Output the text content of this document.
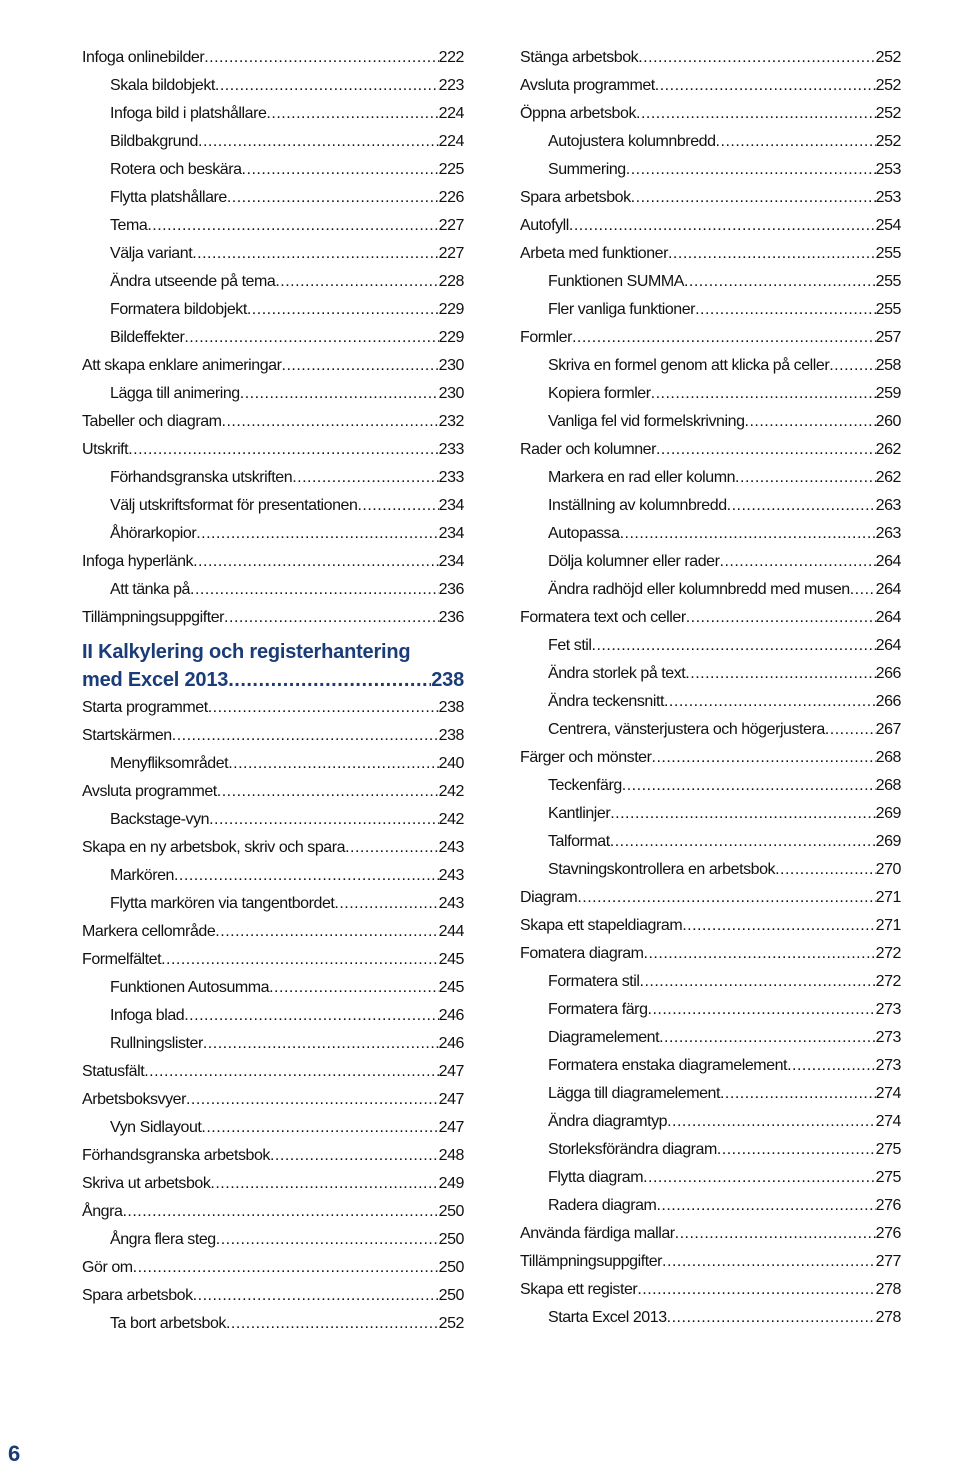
Infoga onlinebilder .....	222
Skala bildobjekt .....	223
Infoga bild i platshållare .....	224
Bildbakgrund .....	224
Rotera och beskära .....	225
Flytta platshållare .....	226
Tema .....	227
Välja variant .....	227
Ändra utseende på tema .....	228
Formatera bildobjekt .....	229
Bildeffekter .....	229
Att skapa enklare animeringar .....	230
Lägga till animering .....	230
Tabeller och diagram .....	232
Utskrift .....	233
Förhandsgranska utskriften .....	233
Välj utskriftsformat för presentationen .....	234
Åhörarkopior .....	234
Infoga hyperlänk .....	234
Att tänka på .....	236
Tillämpningsuppgifter .....	236
II Kalkylering och registerhantering
med Excel 2013 .....	238
Starta programmet .....	238
Startskärmen .....	238
Menyfliksområdet .....	240
Avsluta programmet .....	242
Backstage-vyn .....	242
Skapa en ny arbetsbok, skriv och spara .....	243
Markören .....	243
Flytta markören via tangentbordet .....	243
Markera cellområde .....	244
Formelfältet .....	245
Funktionen Autosumma .....	245
Infoga blad .....	246
Rullningslister .....	246
Statusfält .....	247
Arbetsboksvyer .....	247
Vyn Sidlayout .....	247
Förhandsgranska arbetsbok .....	248
Skriva ut arbetsbok .....	249
Ångra .....	250
Ångra flera steg .....	250
Gör om .....	250
Spara arbetsbok .....	250
Ta bort arbetsbok .....	252
Stänga arbetsbok .....	252
Avsluta programmet .....	252
Öppna arbetsbok .....	252
Autojustera kolumnbredd .....	252
Summering .....	253
Spara arbetsbok .....	253
Autofyll .....	254
Arbeta med funktioner .....	255
Funktionen SUMMA .....	255
Fler vanliga funktioner .....	255
Formler .....	257
Skriva en formel genom att klicka på celler .....	258
Kopiera formler .....	259
Vanliga fel vid formelskrivning .....	260
Rader och kolumner .....	262
Markera en rad eller kolumn .....	262
Inställning av kolumnbredd .....	263
Autopassa .....	263
Dölja kolumner eller rader .....	264
Ändra radhöjd eller kolumnbredd med musen ..... 264
Formatera text och celler .....	264
Fet stil .....	264
Ändra storlek på text .....	266
Ändra teckensnitt .....	266
Centrera, vänsterjustera och högerjustera .....	267
Färger och mönster .....	268
Teckenfärg .....	268
Kantlinjer .....	269
Talformat .....	269
Stavningskontrollera en arbetsbok .....	270
Diagram .....	271
Skapa ett stapeldiagram .....	271
Fomatera diagram .....	272
Formatera stil .....	272
Formatera färg .....	273
Diagramelement .....	273
Formatera enstaka diagramelement .....	273
Lägga till diagramelement .....	274
Ändra diagramtyp .....	274
Storleksförändra diagram .....	275
Flytta diagram .....	275
Radera diagram .....	276
Använda färdiga mallar .....	276
Tillämpningsuppgifter .....	277
Skapa ett register .....	278
Starta Excel 2013 .....	278
6
